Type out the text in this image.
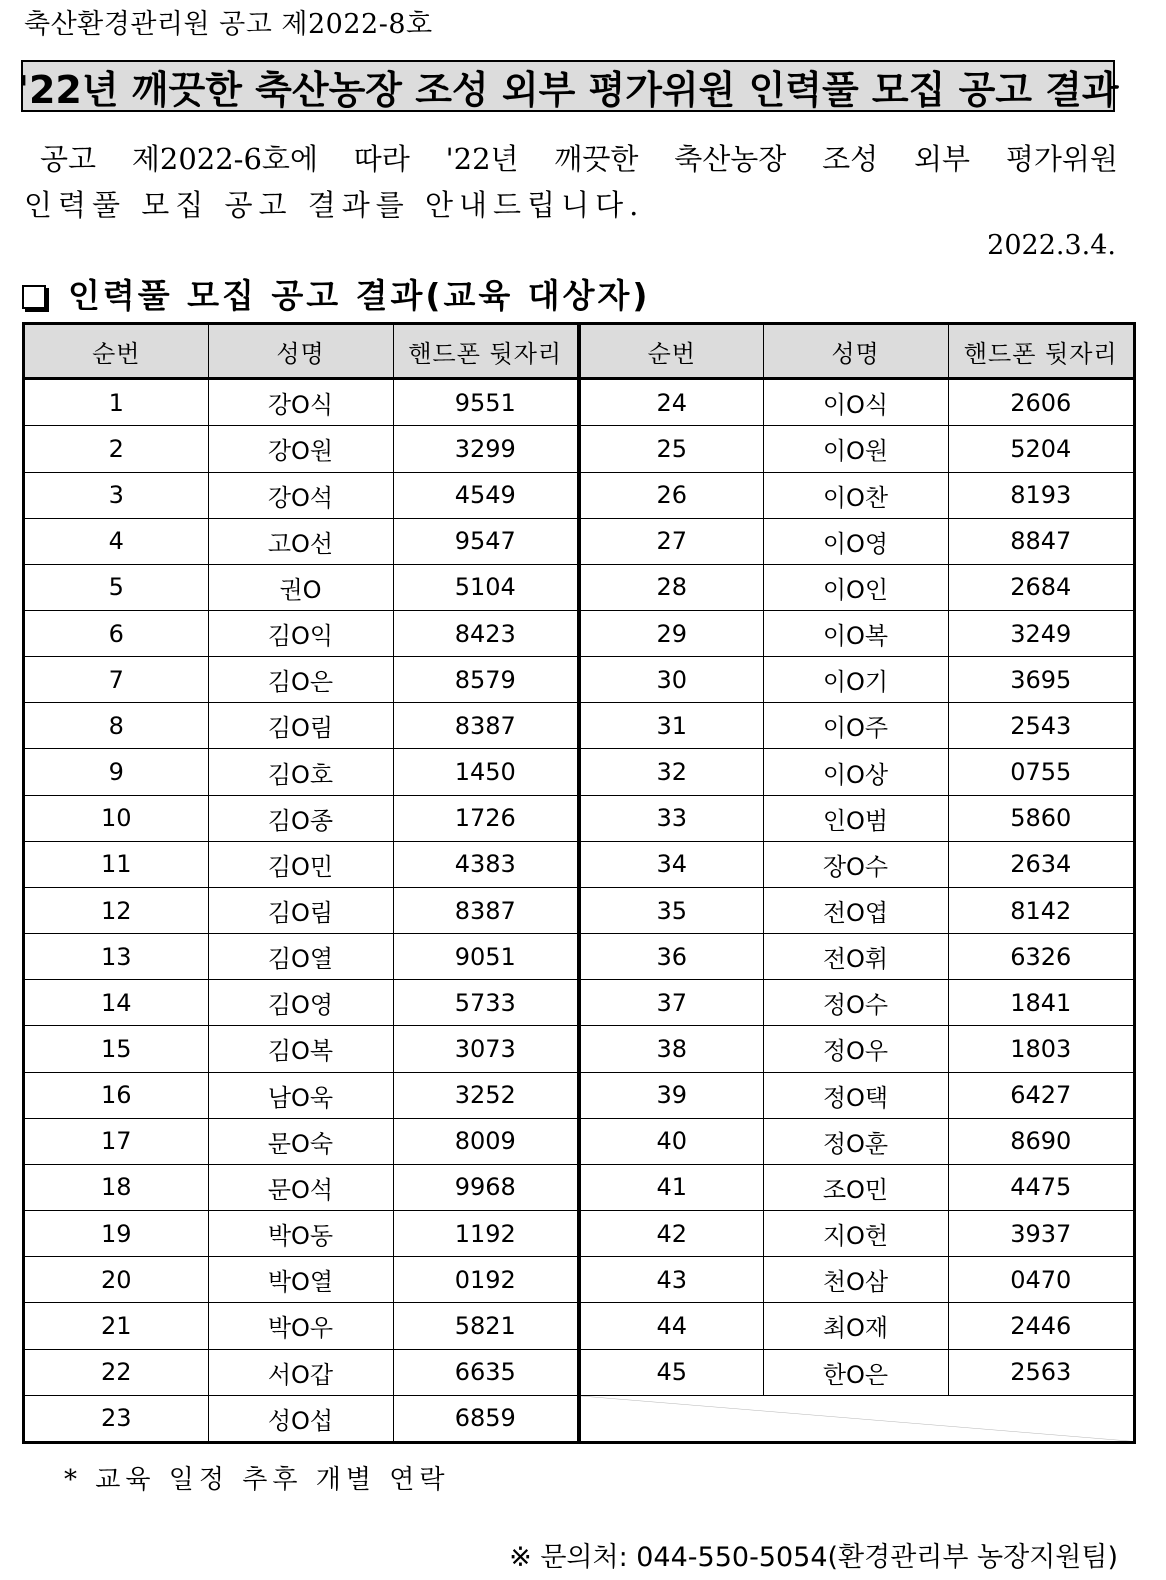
축산환경관리원 공고 제2022-8호
'22년 깨끗한 축산농장 조성 외부 평가위원 인력풀 모집 공고 결과
공고 제2022-6호에 따라 '22년 깨끗한 축산농장 조성 외부 평가위원
인력풀 모집 공고 결과를 안내드립니다.
2022.3.4.
인력풀 모집 공고 결과(교육 대상자)
순번	성명	핸드폰 뒷자리	순번	성명	핸드폰 뒷자리
1	강O식	9551	24	이O식	2606
2	강O원	3299	25	이O원	5204
3	강O석	4549	26	이O찬	8193
4	고O선	9547	27	이O영	8847
5	권O	5104	28	이O인	2684
6	김O익	8423	29	이O복	3249
7	김O은	8579	30	이O기	3695
8	김O림	8387	31	이O주	2543
9	김O호	1450	32	이O상	0755
10	김O종	1726	33	인O범	5860
11	김O민	4383	34	장O수	2634
12	김O림	8387	35	전O엽	8142
13	김O열	9051	36	전O휘	6326
14	김O영	5733	37	정O수	1841
15	김O복	3073	38	정O우	1803
16	남O욱	3252	39	정O택	6427
17	문O숙	8009	40	정O훈	8690
18	문O석	9968	41	조O민	4475
19	박O동	1192	42	지O헌	3937
20	박O열	0192	43	천O삼	0470
21	박O우	5821	44	최O재	2446
22	서O갑	6635	45	한O은	2563
23	성O섭	6859	
* 교육 일정 추후 개별 연락
※ 문의처: 044-550-5054(환경관리부 농장지원팀)
